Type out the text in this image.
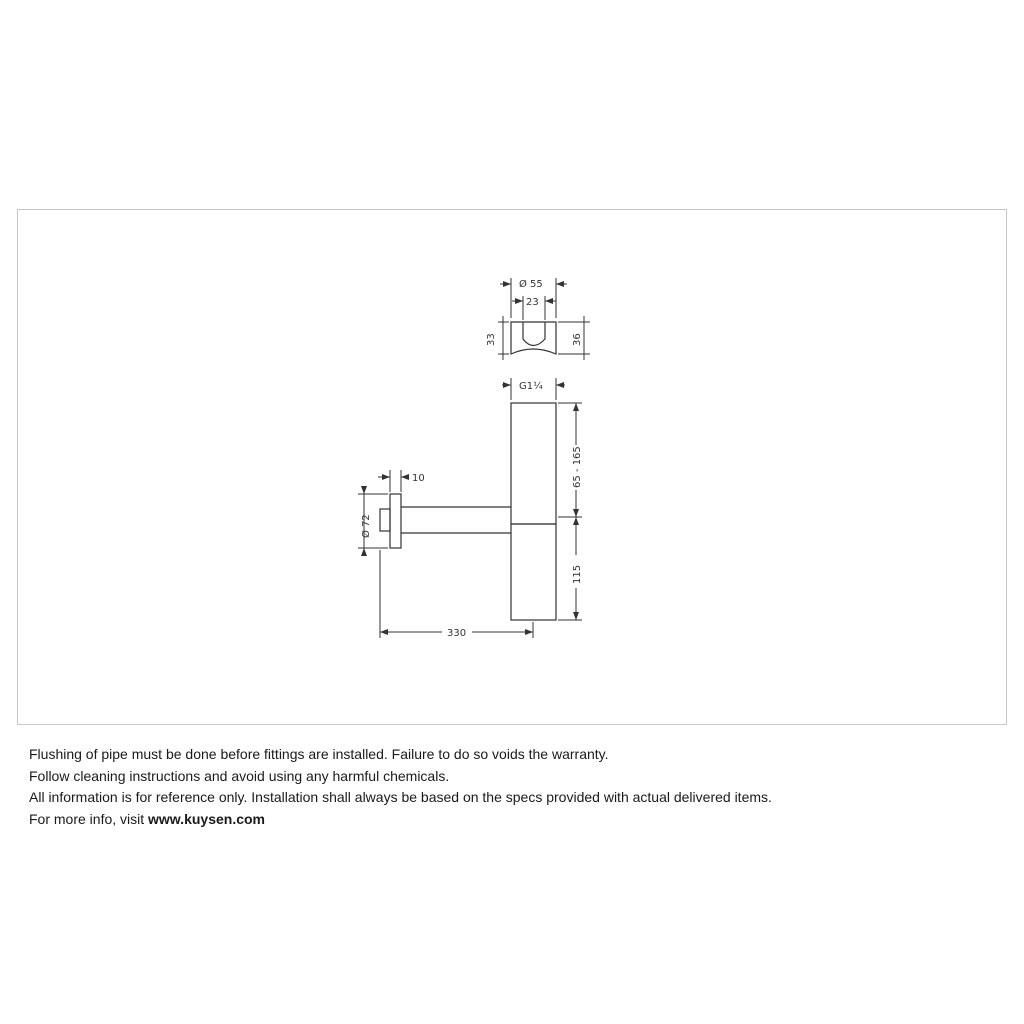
Ø 55
23
33	36
G1¼
10
Ø 72
65 - 165
115
330
Flushing of pipe must be done before fittings are installed. Failure to do so voids the warranty.
Follow cleaning instructions and avoid using any harmful chemicals.
All information is for reference only. Installation shall always be based on the specs provided with actual delivered items.
For more info, visit www.kuysen.com
